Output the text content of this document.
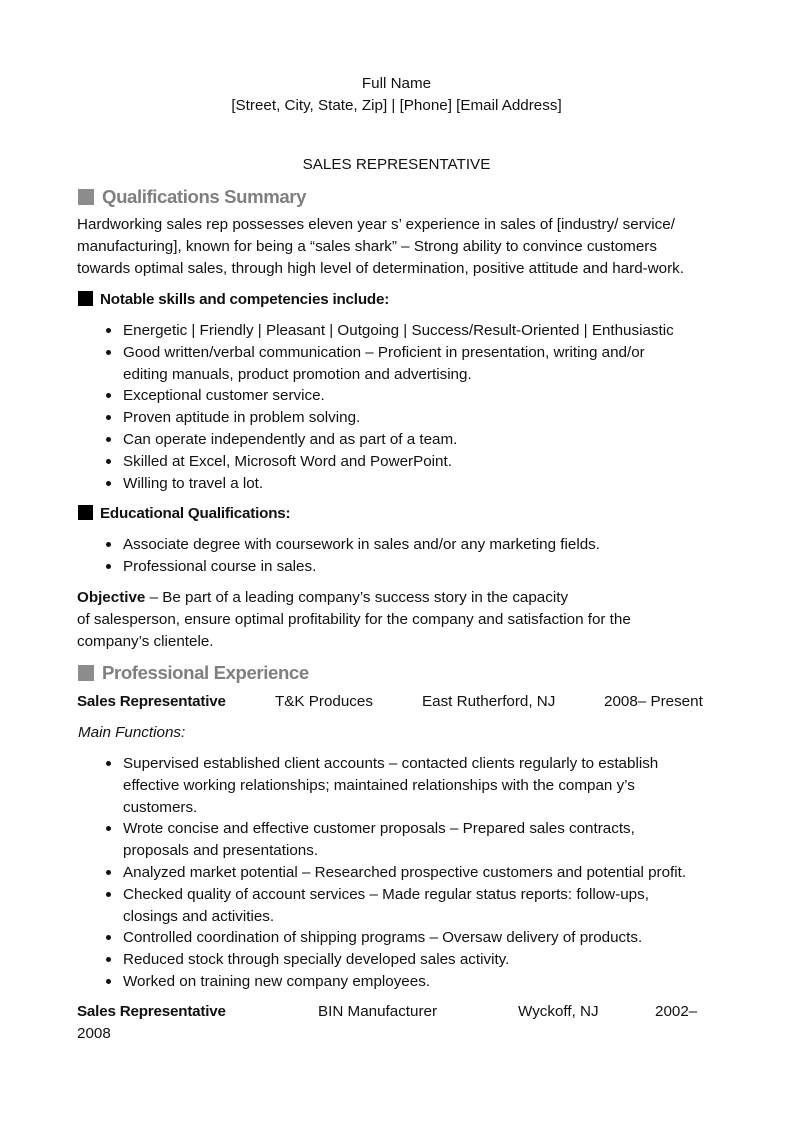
Full Name
[Street, City, State, Zip] | [Phone] [Email Address]
SALES REPRESENTATIVE
Qualifications Summary
Hardworking sales rep possesses eleven year s’ experience in sales of [industry/ service/
manufacturing], known for being a “sales shark” – Strong ability to convince customers
towards optimal sales, through high level of determination, positive attitude and hard-work.
Notable skills and competencies include:
Energetic | Friendly | Pleasant | Outgoing | Success/Result-Oriented | Enthusiastic
Good written/verbal communication – Proficient in presentation, writing and/or
editing manuals, product promotion and advertising.
Exceptional customer service.
Proven aptitude in problem solving.
Can operate independently and as part of a team.
Skilled at Excel, Microsoft Word and PowerPoint.
Willing to travel a lot.
Educational Qualifications:
Associate degree with coursework in sales and/or any marketing fields.
Professional course in sales.
Objective – Be part of a leading company’s success story in the capacity
of salesperson, ensure optimal profitability for the company and satisfaction for the
company’s clientele.
Professional Experience
Sales Representative	T&K Produces	East Rutherford, NJ	2008– Present
Main Functions:
Supervised established client accounts – contacted clients regularly to establish
effective working relationships; maintained relationships with the compan y’s
customers.
Wrote concise and effective customer proposals – Prepared sales contracts,
proposals and presentations.
Analyzed market potential – Researched prospective customers and potential profit.
Checked quality of account services – Made regular status reports: follow-ups,
closings and activities.
Controlled coordination of shipping programs – Oversaw delivery of products.
Reduced stock through specially developed sales activity.
Worked on training new company employees.
Sales Representative	BIN Manufacturer	Wyckoff, NJ	2002–
2008
